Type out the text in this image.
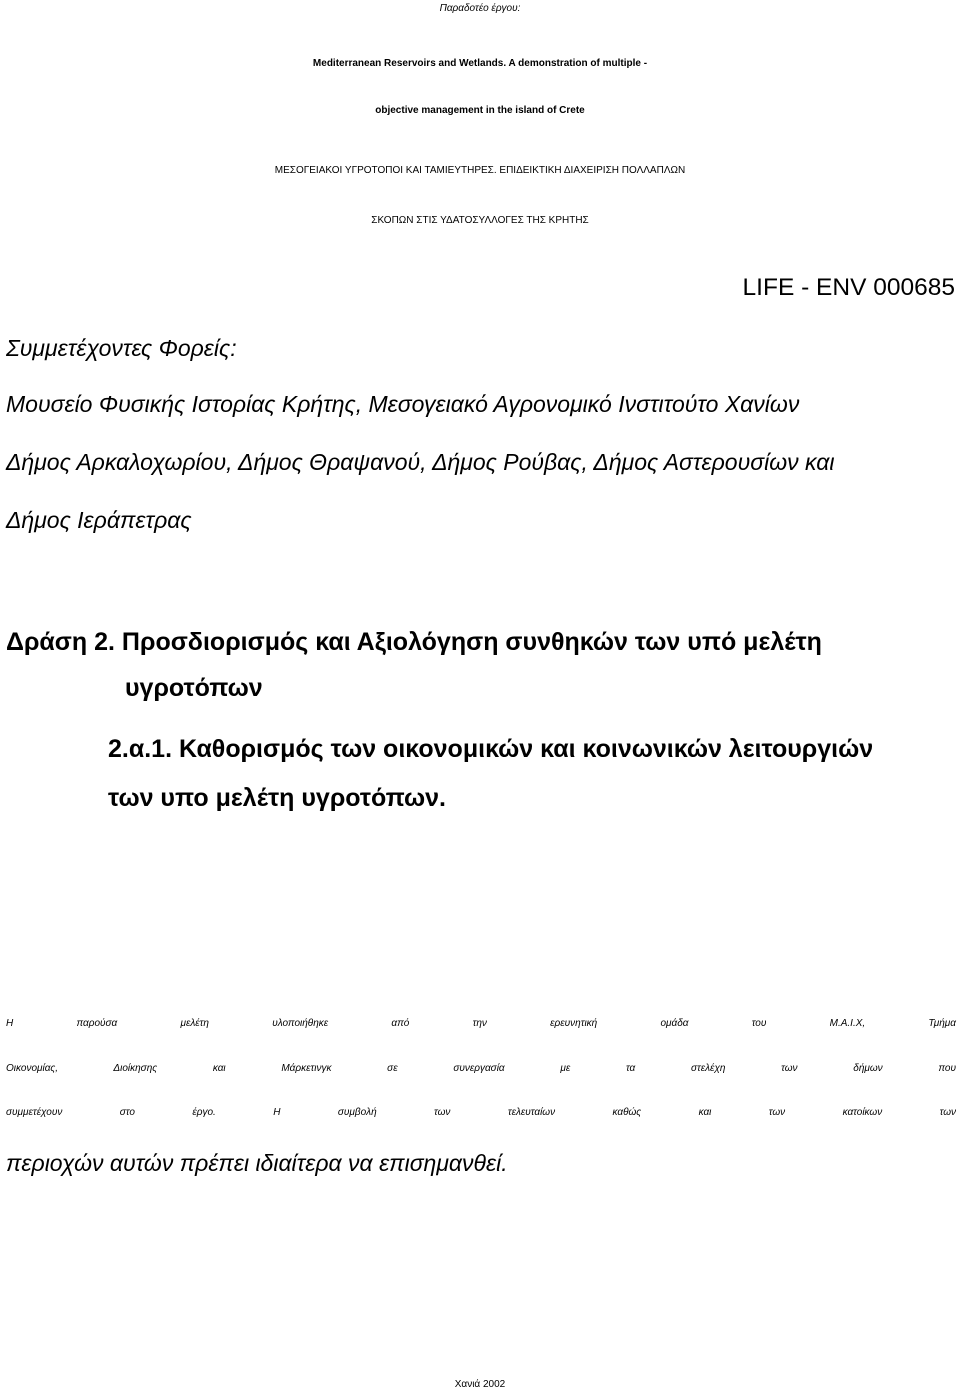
Παραδοτέο έργου:

Mediterranean Reservoirs and Wetlands. A demonstration of multiple -

objective management in the island of Crete

ΜΕΣΟΓΕΙΑΚΟΙ ΥΓΡΟΤΟΠΟΙ ΚΑΙ ΤΑΜΙΕΥΤΗΡΕΣ. ΕΠΙΔΕΙΚΤΙΚΗ ΔΙΑΧΕΙΡΙΣΗ ΠΟΛΛΑΠΛΩΝ

ΣΚΟΠΩΝ ΣΤΙΣ ΥΔΑΤΟΣΥΛΛΟΓΕΣ ΤΗΣ ΚΡΗΤΗΣ

LIFE - ENV 000685

Συμμετέχοντες Φορείς:

Μουσείο Φυσικής Ιστορίας Κρήτης, Μεσογειακό Αγρονομικό Ινστιτούτο Χανίων

Δήμος Αρκαλοχωρίου, Δήμος Θραψανού, Δήμος Ρούβας, Δήμος Αστερουσίων και

Δήμος Ιεράπετρας

Δράση 2. Προσδιορισμός και Αξιολόγηση συνθηκών των υπό μελέτη

υγροτόπων

2.α.1. Καθορισμός των οικονομικών και κοινωνικών λειτουργιών

των υπο μελέτη υγροτόπων.

Η παρούσα μελέτη υλοποιήθηκε από την ερευνητική ομάδα του Μ.Α.Ι.Χ, Τμήμα

Οικονομίας, Διοίκησης και Μάρκετινγκ σε συνεργασία με τα στελέχη των δήμων που

συμμετέχουν στο έργο. Η συμβολή των τελευταίων καθώς και των κατοίκων των

περιοχών αυτών πρέπει ιδιαίτερα να επισημανθεί.

Χανιά 2002
